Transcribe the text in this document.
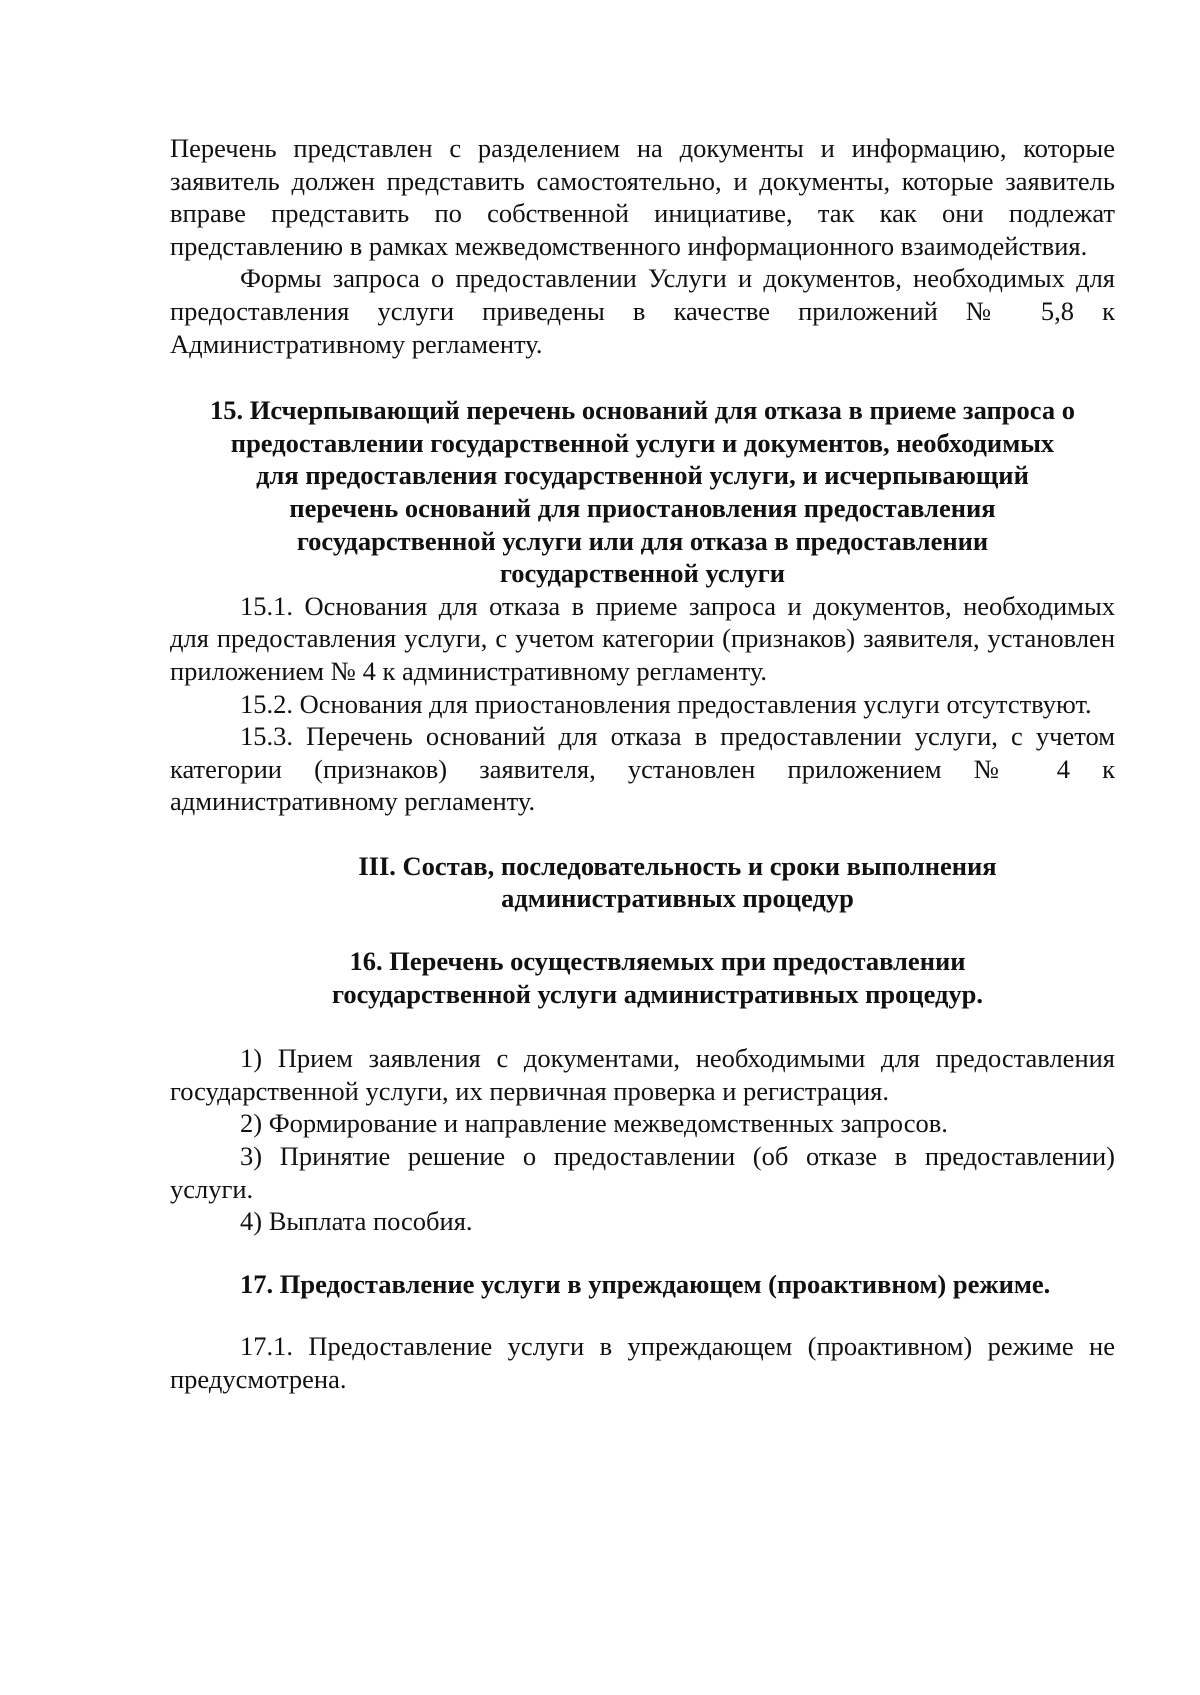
Перечень представлен с разделением на документы и информацию, которые заявитель должен представить самостоятельно, и документы, которые заявитель вправе представить по собственной инициативе, так как они подлежат представлению в рамках межведомственного информационного взаимодействия.

Формы запроса о предоставлении Услуги и документов, необходимых для предоставления услуги приведены в качестве приложений № 5,8 к Административному регламенту.

15. Исчерпывающий перечень оснований для отказа в приеме запроса о предоставлении государственной услуги и документов, необходимых для предоставления государственной услуги, и исчерпывающий перечень оснований для приостановления предоставления государственной услуги или для отказа в предоставлении государственной услуги

15.1. Основания для отказа в приеме запроса и документов, необходимых для предоставления услуги, с учетом категории (признаков) заявителя, установлен приложением № 4 к административному регламенту.

15.2. Основания для приостановления предоставления услуги отсутствуют.

15.3. Перечень оснований для отказа в предоставлении услуги, с учетом категории (признаков) заявителя, установлен приложением № 4 к административному регламенту.

III. Состав, последовательность и сроки выполнения административных процедур

16. Перечень осуществляемых при предоставлении государственной услуги административных процедур.

1) Прием заявления с документами, необходимыми для предоставления государственной услуги, их первичная проверка и регистрация.

2) Формирование и направление межведомственных запросов.

3) Принятие решение о предоставлении (об отказе в предоставлении) услуги.

4) Выплата пособия.

17. Предоставление услуги в упреждающем (проактивном) режиме.

17.1. Предоставление услуги в упреждающем (проактивном) режиме не предусмотрена.
